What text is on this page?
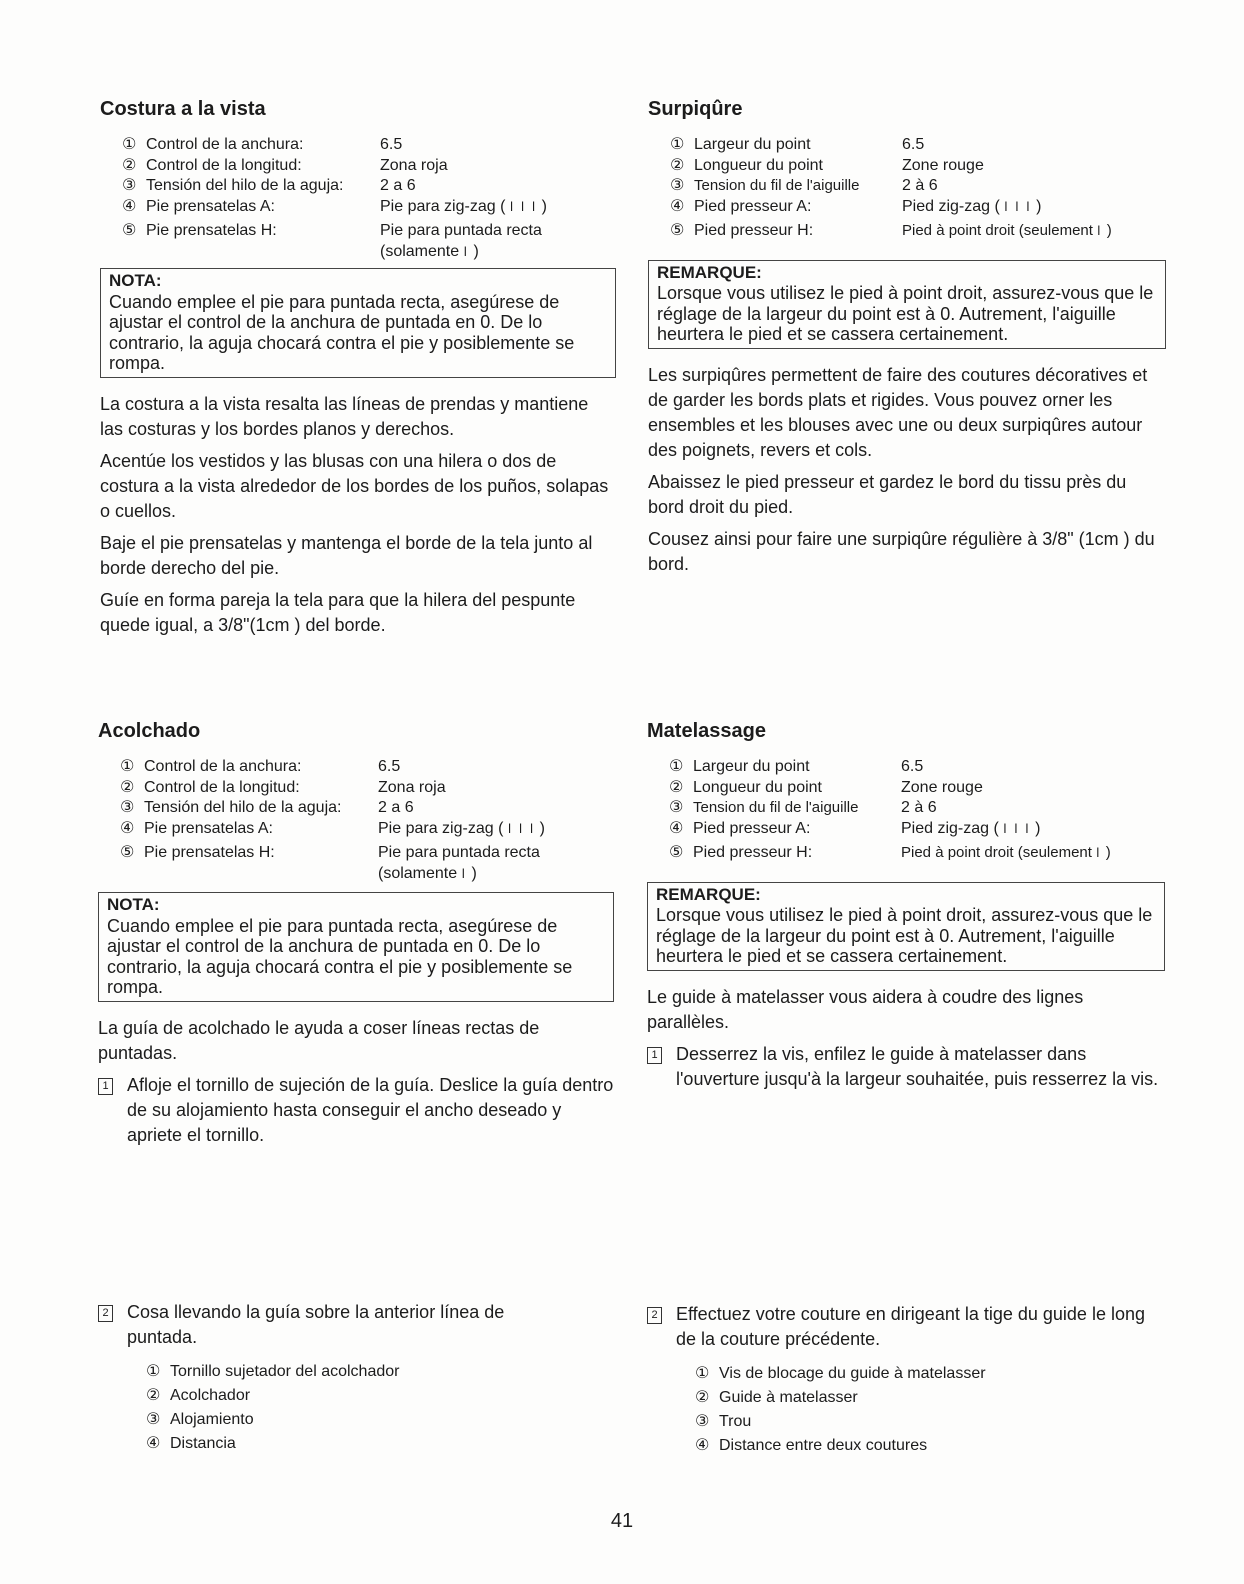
Costura a la vista
① Control de la anchura:	6.5
② Control de la longitud:	Zona roja
③ Tensión del hilo de la aguja: 2 a 6
④ Pie prensatelas A:	Pie para zig-zag ( ǀ ǀ ǀ )
⑤ Pie prensatelas H:	Pie para puntada recta
(solamente ǀ )
NOTA:
Cuando emplee el pie para puntada recta, asegúrese de ajustar el control de la anchura de puntada en 0. De lo contrario, la aguja chocará contra el pie y posiblemente se rompa.

La costura a la vista resalta las líneas de prendas y mantiene las costuras y los bordes planos y derechos.

Acentúe los vestidos y las blusas con una hilera o dos de costura a la vista alrededor de los bordes de los puños, solapas o cuellos.

Baje el pie prensatelas y mantenga el borde de la tela junto al borde derecho del pie.

Guíe en forma pareja la tela para que la hilera del pespunte quede igual, a 3/8"(1cm ) del borde.

Surpiqûre
① Largeur du point	6.5
② Longueur du point	Zone rouge
③ Tension du fil de l'aiguille	2 à 6
④ Pied presseur A:	Pied zig-zag ( ǀ ǀ ǀ )
⑤ Pied presseur H:	Pied à point droit (seulement ǀ )
REMARQUE:
Lorsque vous utilisez le pied à point droit, assurez-vous que le réglage de la largeur du point est à 0. Autrement, l'aiguille heurtera le pied et se cassera certainement.

Les surpiqûres permettent de faire des coutures décoratives et de garder les bords plats et rigides. Vous pouvez orner les ensembles et les blouses avec une ou deux surpiqûres autour des poignets, revers et cols.

Abaissez le pied presseur et gardez le bord du tissu près du bord droit du pied.

Cousez ainsi pour faire une surpiqûre régulière à 3/8" (1cm ) du bord.

Acolchado
① Control de la anchura:	6.5
② Control de la longitud:	Zona roja
③ Tensión del hilo de la aguja: 2 a 6
④ Pie prensatelas A:	Pie para zig-zag ( ǀ ǀ ǀ )
⑤ Pie prensatelas H:	Pie para puntada recta
(solamente ǀ )
NOTA:
Cuando emplee el pie para puntada recta, asegúrese de ajustar el control de la anchura de puntada en 0. De lo contrario, la aguja chocará contra el pie y posiblemente se rompa.

La guía de acolchado le ayuda a coser líneas rectas de puntadas.

1 Afloje el tornillo de sujeción de la guía. Deslice la guía dentro de su alojamiento hasta conseguir el ancho deseado y apriete el tornillo.
2 Cosa llevando la guía sobre la anterior línea de puntada.
① Tornillo sujetador del acolchador
② Acolchador
③ Alojamiento
④ Distancia
Matelassage
① Largeur du point	6.5
② Longueur du point	Zone rouge
③ Tension du fil de l'aiguille	2 à 6
④ Pied presseur A:	Pied zig-zag ( ǀ ǀ ǀ )
⑤ Pied presseur H:	Pied à point droit (seulement ǀ )
REMARQUE:
Lorsque vous utilisez le pied à point droit, assurez-vous que le réglage de la largeur du point est à 0. Autrement, l'aiguille heurtera le pied et se cassera certainement.

Le guide à matelasser vous aidera à coudre des lignes parallèles.

1 Desserrez la vis, enfilez le guide à matelasser dans l'ouverture jusqu'à la largeur souhaitée, puis resserrez la vis.
2 Effectuez votre couture en dirigeant la tige du guide le long de la couture précédente.
① Vis de blocage du guide à matelasser
② Guide à matelasser
③ Trou
④ Distance entre deux coutures
41
